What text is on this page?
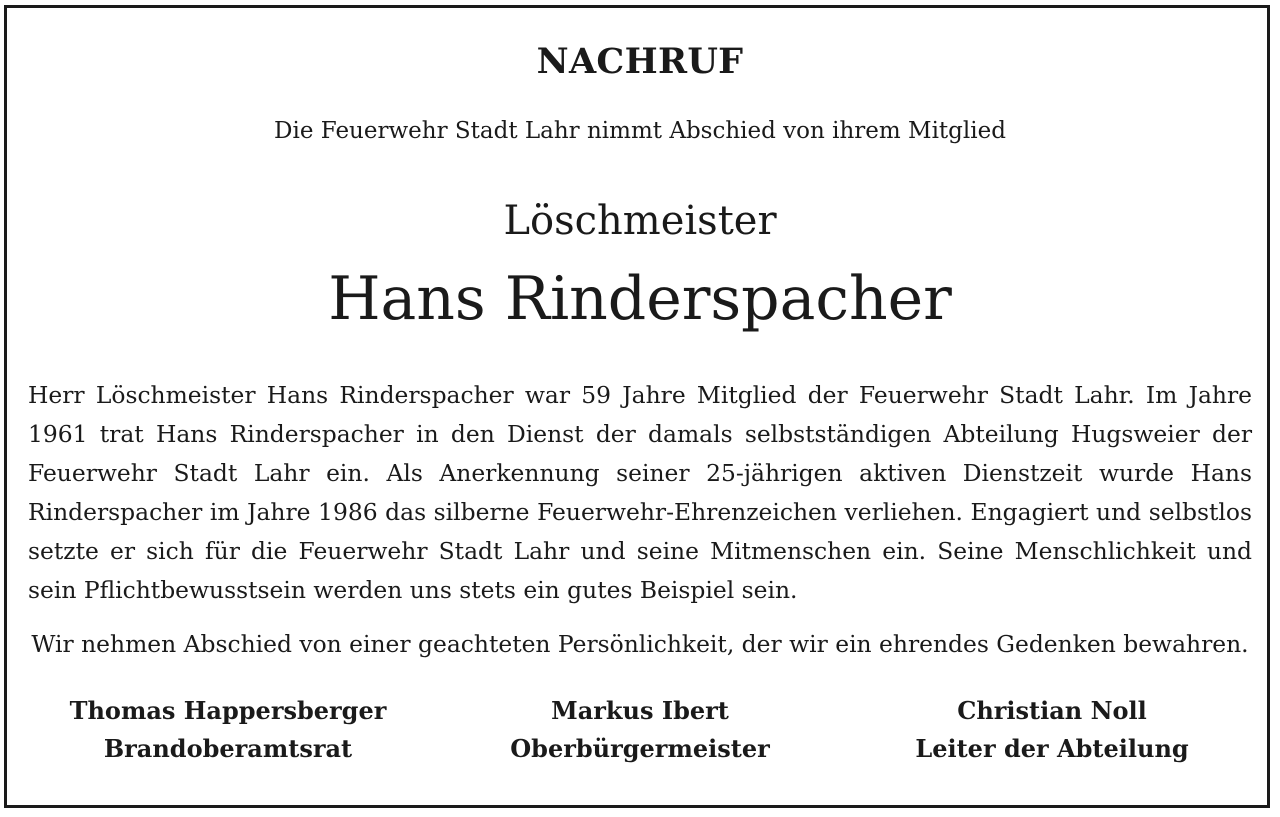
NACHRUF
Die Feuerwehr Stadt Lahr nimmt Abschied von ihrem Mitglied
Löschmeister
Hans Rinderspacher

Herr Löschmeister Hans Rinderspacher war 59 Jahre Mitglied der Feuerwehr Stadt Lahr. Im Jahre 1961 trat Hans Rinderspacher in den Dienst der damals selbstständigen Abteilung Hugsweier der Feuerwehr Stadt Lahr ein. Als Anerkennung seiner 25-jährigen aktiven Dienstzeit wurde Hans Rinderspacher im Jahre 1986 das silberne Feuerwehr-Ehrenzeichen verliehen. Engagiert und selbstlos setzte er sich für die Feuerwehr Stadt Lahr und seine Mitmenschen ein. Seine Menschlichkeit und sein Pflichtbewusstsein werden uns stets ein gutes Beispiel sein.

Wir nehmen Abschied von einer geachteten Persönlichkeit, der wir ein ehrendes Gedenken bewahren.

Thomas Happersberger
Brandoberamtsrat
Markus Ibert
Oberbürgermeister
Christian Noll
Leiter der Abteilung
